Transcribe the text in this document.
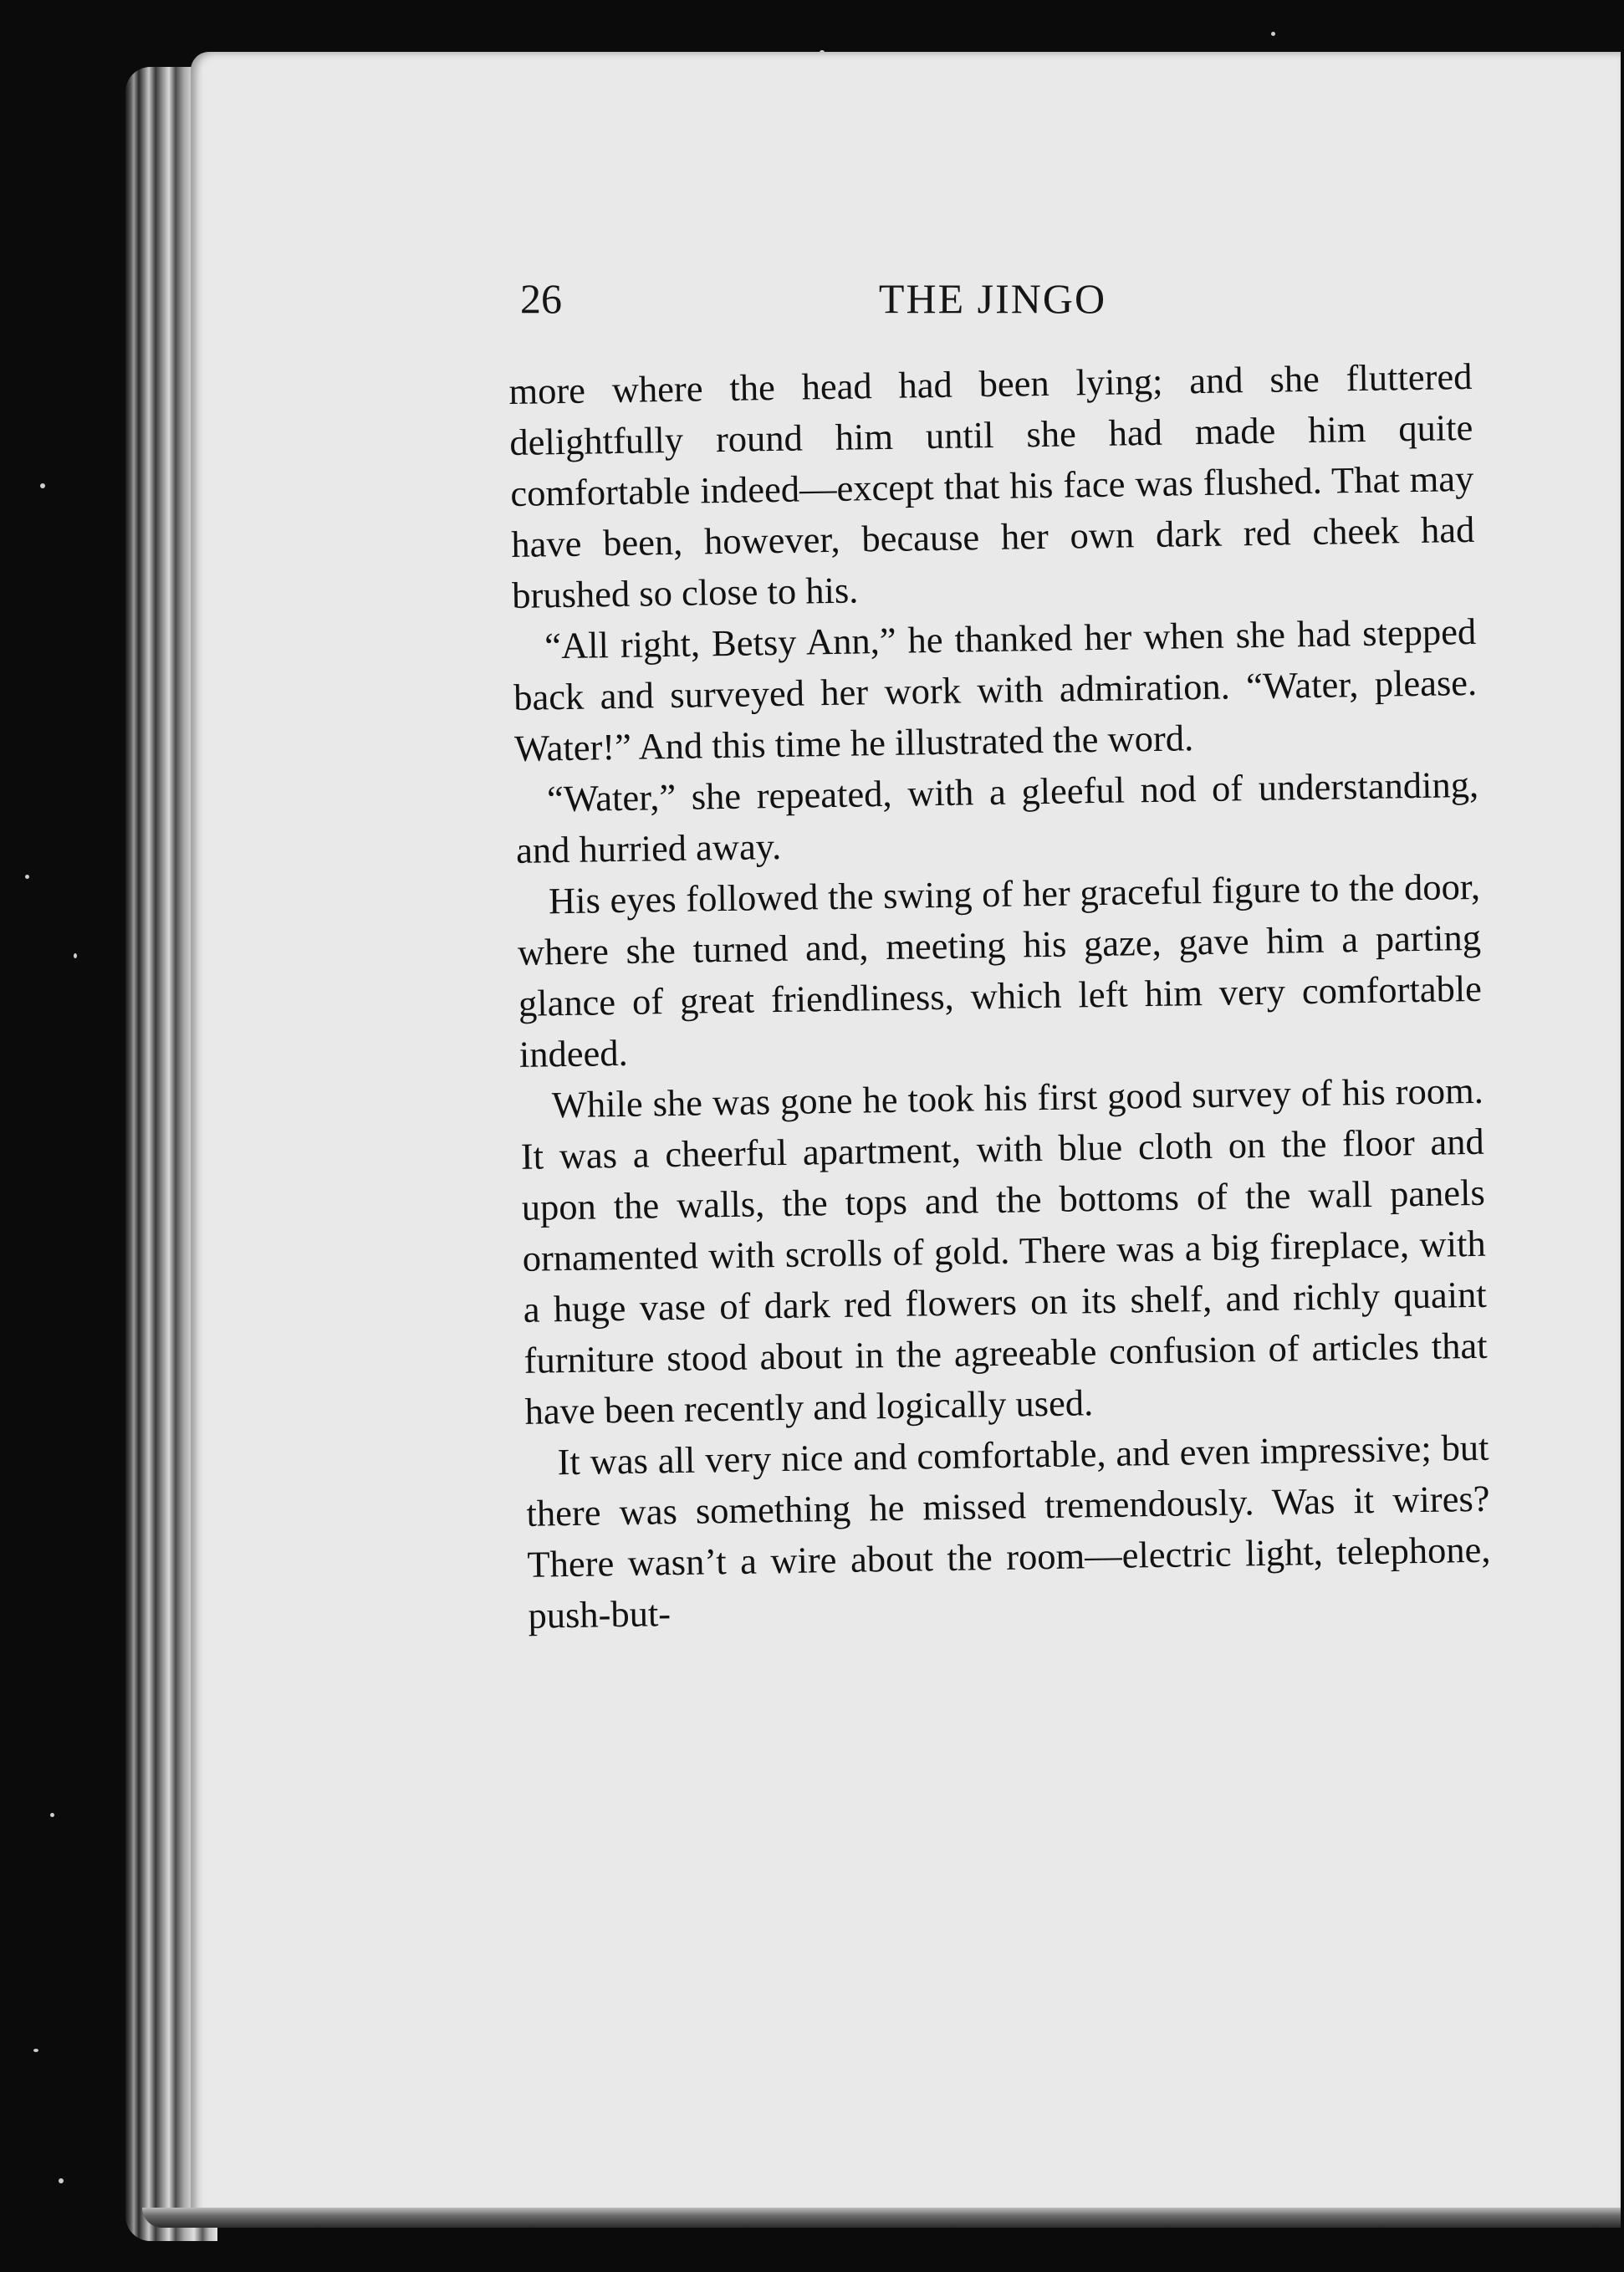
26	THE JINGO

more where the head had been lying; and she fluttered delightfully round him until she had made him quite comfortable indeed—except that his face was flushed. That may have been, however, because her own dark red cheek had brushed so close to his.

“All right, Betsy Ann,” he thanked her when she had stepped back and surveyed her work with admiration. “Water, please. Water!” And this time he illustrated the word.

“Water,” she repeated, with a gleeful nod of understanding, and hurried away.

His eyes followed the swing of her graceful figure to the door, where she turned and, meeting his gaze, gave him a parting glance of great friendliness, which left him very comfortable indeed.

While she was gone he took his first good survey of his room. It was a cheerful apartment, with blue cloth on the floor and upon the walls, the tops and the bottoms of the wall panels ornamented with scrolls of gold. There was a big fireplace, with a huge vase of dark red flowers on its shelf, and richly quaint furniture stood about in the agreeable confusion of articles that have been recently and logically used.

It was all very nice and comfortable, and even impressive; but there was something he missed tremendously. Was it wires? There wasn’t a wire about the room—electric light, telephone, push-but-
